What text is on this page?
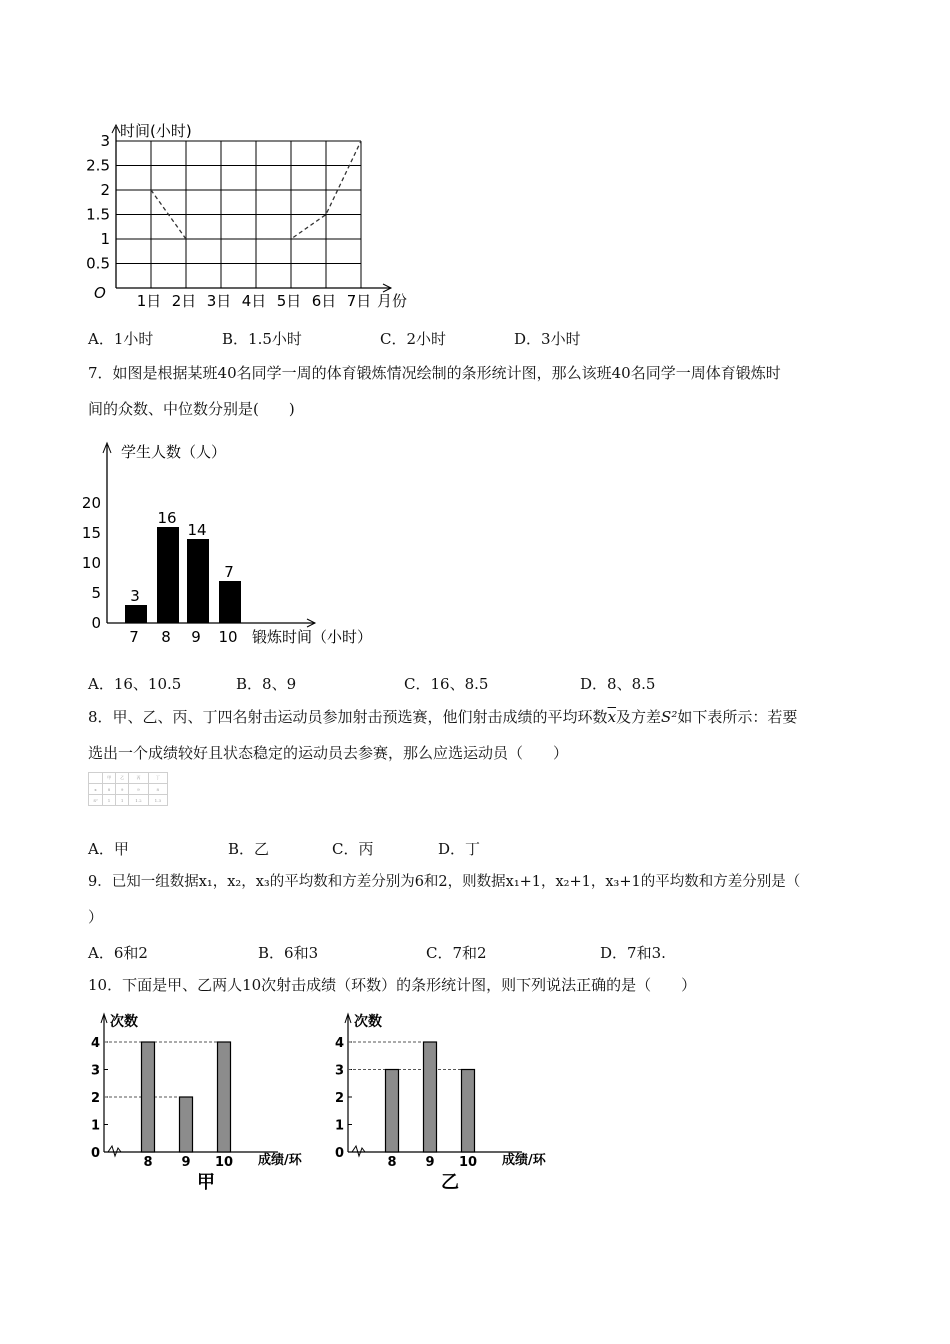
0.5
1
1.5
2
2.5
3
O
时间(小时)
1日 2日 3日 4日 5日 6日 7日 月份
A．1小时	B．1.5小时	C．2小时	D．3小时
7．如图是根据某班40名同学一周的体育锻炼情况绘制的条形统计图，那么该班40名同学一周体育锻炼时
间的众数、中位数分别是(　　)
学生人数（人）
锻炼时间（小时）
0
5
10
15
20
3
7
16
8
14
9
7
10
A．16、10.5	B．8、9	C．16、8.5	D．8、8.5
8．甲、乙、丙、丁四名射击运动员参加射击预选赛，他们射击成绩的平均环数$\overline{x}$及方差S²如下表所示：若要
选出一个成绩较好且状态稳定的运动员去参赛，那么应选运动员（　　）
	甲	乙	丙	丁
x	8	9	9	8
S²	1	1	1.2	1.3
A．甲	B．乙	C．丙	D．丁
9．已知一组数据x₁，x₂，x₃的平均数和方差分别为6和2，则数据x₁+1，x₂+1，x₃+1的平均数和方差分别是（
）
A．6和2	B．6和3	C．7和2	D．7和3.
10．下面是甲、乙两人10次射击成绩（环数）的条形统计图，则下列说法正确的是（　　）
次数
成绩/环
0
1
2
3
4
8 9 10
甲
次数
成绩/环
0
1
2
3
4
8 9 10
乙
